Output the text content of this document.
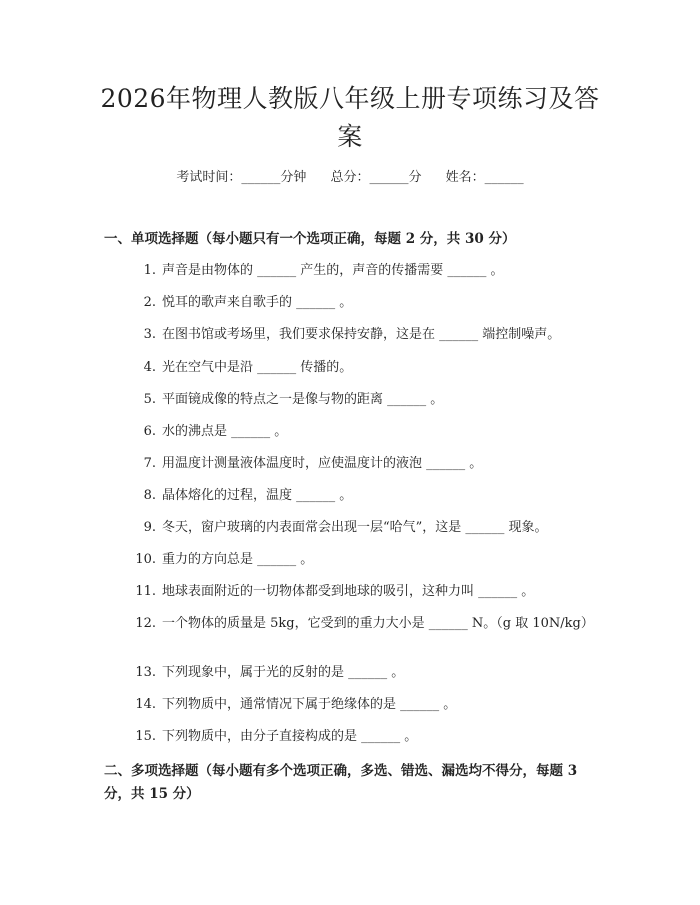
2026年物理人教版八年级上册专项练习及答案
考试时间：______分钟 总分：______分 姓名：______
一、单项选择题（每小题只有一个选项正确，每题 2 分，共 30 分）
1. 声音是由物体的 ______ 产生的，声音的传播需要 ______ 。
2. 悦耳的歌声来自歌手的 ______ 。
3. 在图书馆或考场里，我们要求保持安静，这是在 ______ 端控制噪声。
4. 光在空气中是沿 ______ 传播的。
5. 平面镜成像的特点之一是像与物的距离 ______ 。
6. 水的沸点是 ______ 。
7. 用温度计测量液体温度时，应使温度计的液泡 ______ 。
8. 晶体熔化的过程，温度 ______ 。
9. 冬天，窗户玻璃的内表面常会出现一层“哈气”，这是 ______ 现象。
10. 重力的方向总是 ______ 。
11. 地球表面附近的一切物体都受到地球的吸引，这种力叫 ______ 。
12. 一个物体的质量是 5kg，它受到的重力大小是 ______ N。（g 取 10N/kg）
13. 下列现象中，属于光的反射的是 ______ 。
14. 下列物质中，通常情况下属于绝缘体的是 ______ 。
15. 下列物质中，由分子直接构成的是 ______ 。
二、多项选择题（每小题有多个选项正确，多选、错选、漏选均不得分，每题 3 分，共 15 分）
